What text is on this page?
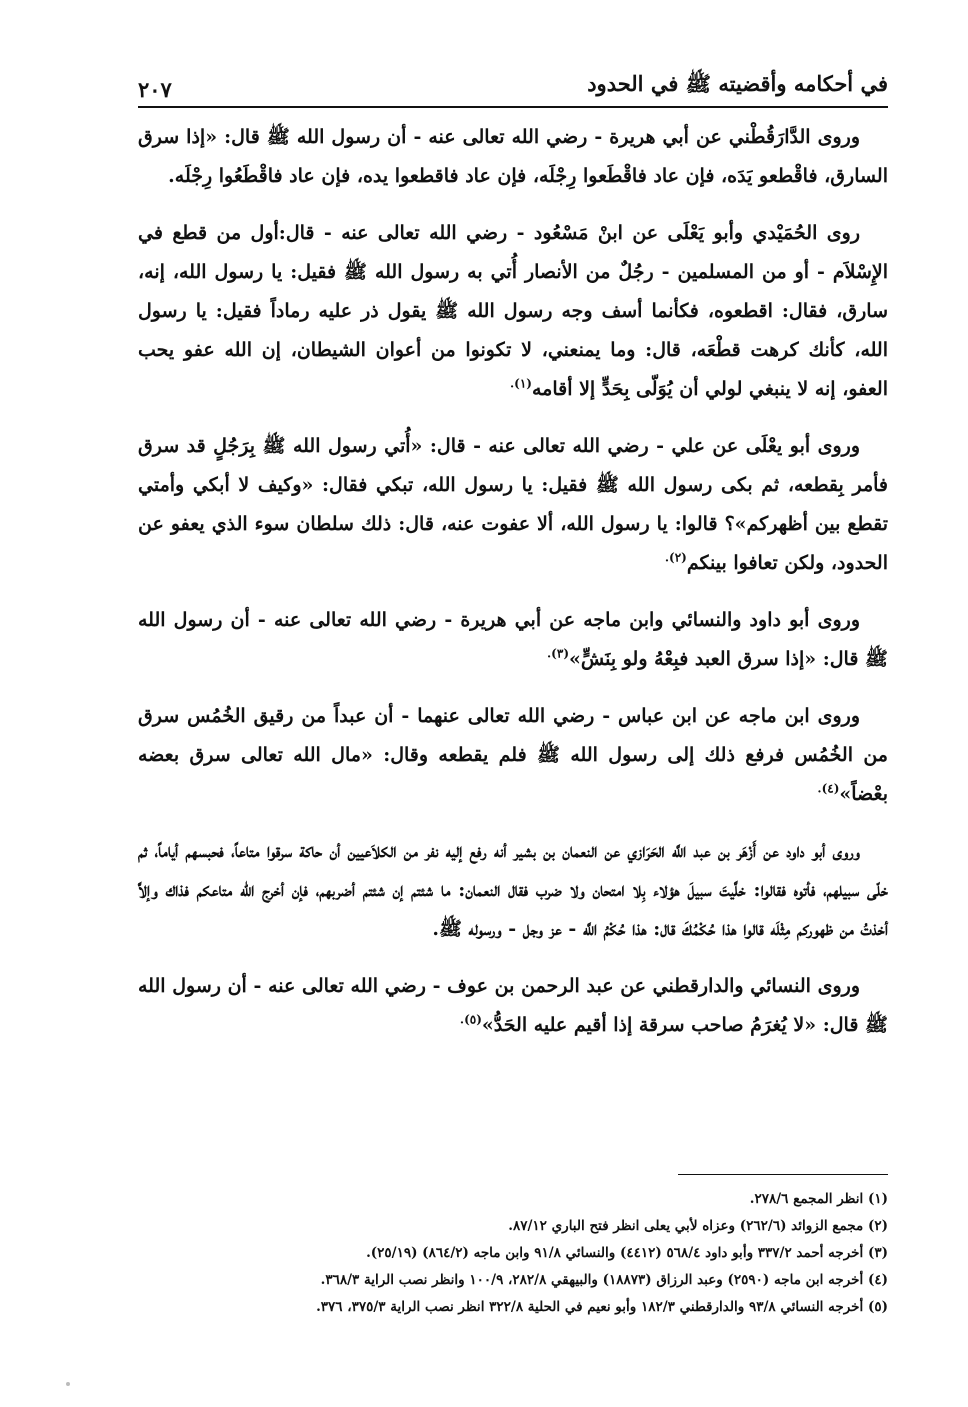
في أحكامه وأقضيته ﷺ في الحدود
٢٠٧

وروى الدَّارَقُطْني عن أبي هريرة - رضي الله تعالى عنه - أن رسول الله ﷺ قال: «إذا سرق السارق، فاقْطعو يَدَه، فإن عاد فاقْطَعوا رِجْلَه، فإن عاد فاقطعوا يده، فإن عاد فاقْطَعُوا رِجْلَه.

روى الحُمَيْدي وأبو يَعْلَى عن ابنْ مَسْعُود - رضي الله تعالى عنه - قال:أول من قطع في الإِسْلاَم - أو من المسلمين - رجُلٌ من الأنصار أُتي به رسول الله ﷺ فقيل: يا رسول الله، إنه، سارق، فقال: اقطعوه، فكأنما أسف وجه رسول الله ﷺ يقول ذر عليه رماداً فقيل: يا رسول الله، كأنك كرهت قطْعَه، قال: وما يمنعني، لا تكونوا من أعوان الشيطان، إن الله عفو يحب العفو، إنه لا ينبغي لولي أن يُوَلّى بِحَدٍّ إلا أقامه$^{(١).}$

وروى أبو يعْلَى عن علي - رضي الله تعالى عنه - قال: «أُتي رسول الله ﷺ بِرَجُلٍ قد سرق فأمر بِقطعه، ثم بكى رسول الله ﷺ فقيل: يا رسول الله، تبكي فقال: «وكيف لا أبكي وأمتي تقطع بين أظهركم»؟ قالوا: يا رسول الله، ألا عفوت عنه، قال: ذلك سلطان سوء الذي يعفو عن الحدود، ولكن تعافوا بينكم$^{(٢).}$

وروى أبو داود والنسائي وابن ماجه عن أبي هريرة - رضي الله تعالى عنه - أن رسول الله ﷺ قال: «إذا سرق العبد فبِعْهُ ولو بِنَشٍّ»$^{(٣).}$

وروى ابن ماجه عن ابن عباس - رضي الله تعالى عنهما - أن عبداً من رقيق الخُمُس سرق من الخُمُس فرفع ذلك إلى رسول الله ﷺ فلم يقطعه وقال: «مال الله تعالى سرق بعضه بعْضاً»$^{(٤).}$

وروى أبو داود عن أَزْهَر بن عبد اللَّه الحَرَازي عن النعمان بن بشير أنه رفع إليه نفر من الكلاَعيين أن حاكة سرقوا متاعاً، فحبسهم أياماً، ثم خلّى سبيلهم، فأتوه فقالوا: خلَّيتَ سبيلَ هؤلاء بِلا امتحان ولا ضرب فقال النعمان: ما شئتم إن شئتم أضربهم، فإن أخرج الله متاعكم فذاك وإلاَّ أخذتُ من ظهوركم مِثْلَه قالوا هذا حُكْمُكَ قال: هذا حُكْمُ اللَّه - عز وجل - ورسوله ﷺ.

وروى النسائي والدارقطني عن عبد الرحمن بن عوف - رضي الله تعالى عنه - أن رسول الله ﷺ قال: «لا يُغرَمُ صاحب سرقة إذا أقيم عليه الحَدُّ»$^{(٥).}$

(١) انظر المجمع ٢٧٨/٦.
(٢) مجمع الزوائد (٢٦٢/٦) وعزاه لأبي يعلى انظر فتح الباري ٨٧/١٢.
(٣) أخرجه أحمد ٣٣٧/٢ وأبو داود ٥٦٨/٤ (٤٤١٢) والنسائي ٩١/٨ وابن ماجه (٨٦٤/٢) (٢٥/١٩).
(٤) أخرجه ابن ماجه (٢٥٩٠) وعبد الرزاق (١٨٨٧٣) والبيهقي ٢٨٢/٨، ١٠٠/٩ وانظر نصب الراية ٣٦٨/٣.
(٥) أخرجه النسائي ٩٣/٨ والدارقطني ١٨٢/٣ وأبو نعيم في الحلية ٣٢٢/٨ انظر نصب الراية ٣٧٥/٣، ٣٧٦.
